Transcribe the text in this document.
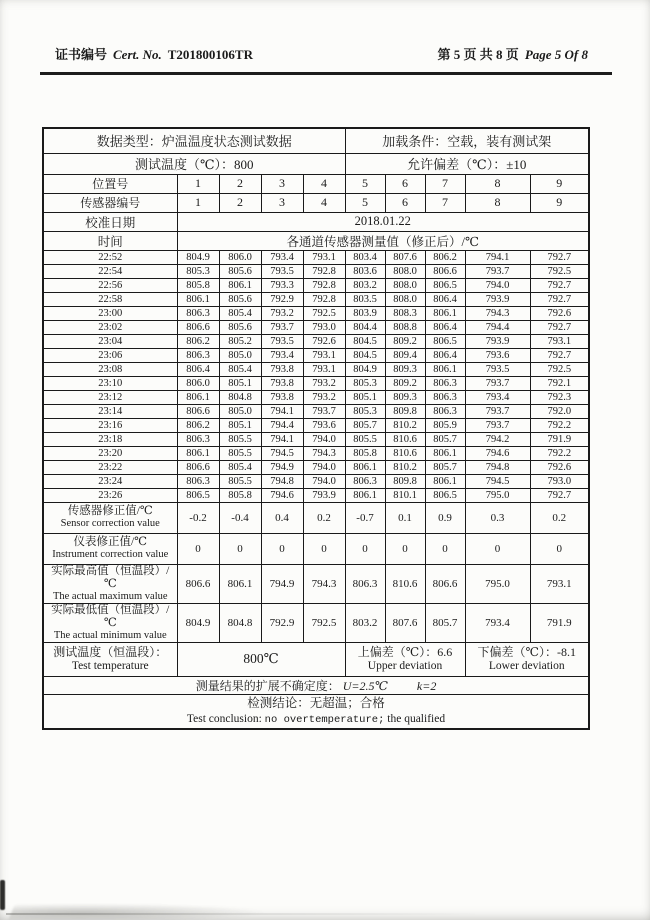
证书编号 Cert. No. T201800106TR	第 5 页 共 8 页 Page 5 Of 8
数据类型：炉温温度状态测试数据					加载条件：空载，装有测试架				
测试温度（℃）：800					允许偏差（℃）：±10				
位置号	1	2	3	4	5	6	7	8	9
传感器编号	1	2	3	4	5	6	7	8	9
校准日期	2018.01.22								
时间	各通道传感器测量值（修正后）/℃								
22:52	804.9	806.0	793.4	793.1	803.4	807.6	806.2	794.1	792.7
22:54	805.3	805.6	793.5	792.8	803.6	808.0	806.6	793.7	792.5
22:56	805.8	806.1	793.3	792.8	803.2	808.0	806.5	794.0	792.7
22:58	806.1	805.6	792.9	792.8	803.5	808.0	806.4	793.9	792.7
23:00	806.3	805.4	793.2	792.5	803.9	808.3	806.1	794.3	792.6
23:02	806.6	805.6	793.7	793.0	804.4	808.8	806.4	794.4	792.7
23:04	806.2	805.2	793.5	792.6	804.5	809.2	806.5	793.9	793.1
23:06	806.3	805.0	793.4	793.1	804.5	809.4	806.4	793.6	792.7
23:08	806.4	805.4	793.8	793.1	804.9	809.3	806.1	793.5	792.5
23:10	806.0	805.1	793.8	793.2	805.3	809.2	806.3	793.7	792.1
23:12	806.1	804.8	793.8	793.2	805.1	809.3	806.3	793.4	792.3
23:14	806.6	805.0	794.1	793.7	805.3	809.8	806.3	793.7	792.0
23:16	806.2	805.1	794.4	793.6	805.7	810.2	805.9	793.7	792.2
23:18	806.3	805.5	794.1	794.0	805.5	810.6	805.7	794.2	791.9
23:20	806.1	805.5	794.5	794.3	805.8	810.6	806.1	794.6	792.2
23:22	806.6	805.4	794.9	794.0	806.1	810.2	805.7	794.8	792.6
23:24	806.3	805.5	794.8	794.0	806.3	809.8	806.1	794.5	793.0
23:26	806.5	805.8	794.6	793.9	806.1	810.1	806.5	795.0	792.7

传感器修正值/℃
Sensor correction value	-0.2	-0.4	0.4	0.2	-0.7	0.1	0.9	0.3	0.2

仪表修正值/℃
Instrument correction value	0	0	0	0	0	0	0	0	0

实际最高值（恒温段）/℃
The actual maximum value	806.6	806.1	794.9	794.3	806.3	810.6	806.6	795.0	793.1

实际最低值（恒温段）/℃
The actual minimum value	804.9	804.8	792.9	792.5	803.2	807.6	805.7	793.4	791.9

测试温度（恒温段）：
Test temperature	800℃	上偏差（℃）：6.6
Upper deviation

下偏差（℃）：-8.1
Lower deviation

测量结果的扩展不确定度： U=2.5℃ k=2									

检测结论：无超温；合格
Test conclusion: no overtemperature; the qualified									
